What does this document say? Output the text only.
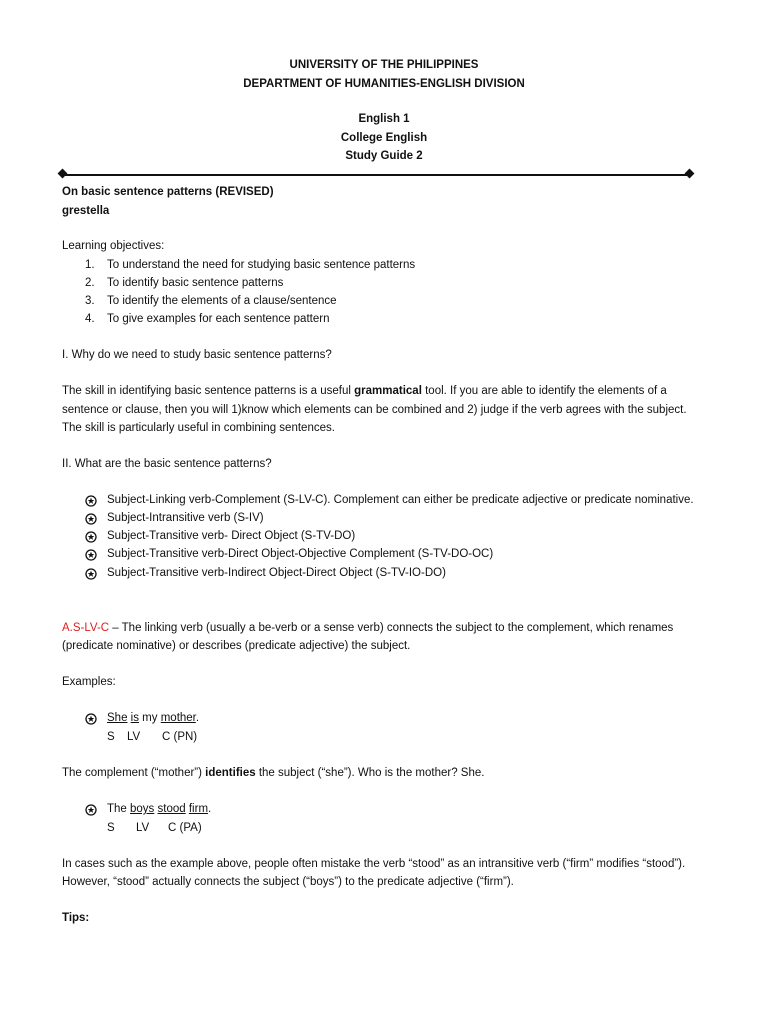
UNIVERSITY OF THE PHILIPPINES
DEPARTMENT OF HUMANITIES-ENGLISH DIVISION
English 1
College English
Study Guide 2
On basic sentence patterns (REVISED)
grestella
Learning objectives:
1. To understand the need for studying basic sentence patterns
2. To identify basic sentence patterns
3. To identify the elements of a clause/sentence
4. To give examples for each sentence pattern
I. Why do we need to study basic sentence patterns?
The skill in identifying basic sentence patterns is a useful grammatical tool. If you are able to identify the elements of a
sentence or clause, then you will 1)know which elements can be combined and 2) judge if the verb agrees with the subject.
The skill is particularly useful in combining sentences.
II. What are the basic sentence patterns?
Subject-Linking verb-Complement (S-LV-C). Complement can either be predicate adjective or predicate nominative.
Subject-Intransitive verb (S-IV)
Subject-Transitive verb- Direct Object (S-TV-DO)
Subject-Transitive verb-Direct Object-Objective Complement (S-TV-DO-OC)
Subject-Transitive verb-Indirect Object-Direct Object (S-TV-IO-DO)
A.S-LV-C – The linking verb (usually a be-verb or a sense verb) connects the subject to the complement, which renames
(predicate nominative) or describes (predicate adjective) the subject.
Examples:
She is my mother.
S LV C (PN)
The complement (“mother”) identifies the subject (“she”). Who is the mother? She.
The boys stood firm.
S LV C (PA)
In cases such as the example above, people often mistake the verb “stood” as an intransitive verb (“firm” modifies “stood”).
However, “stood” actually connects the subject (“boys”) to the predicate adjective (“firm”).
Tips:
